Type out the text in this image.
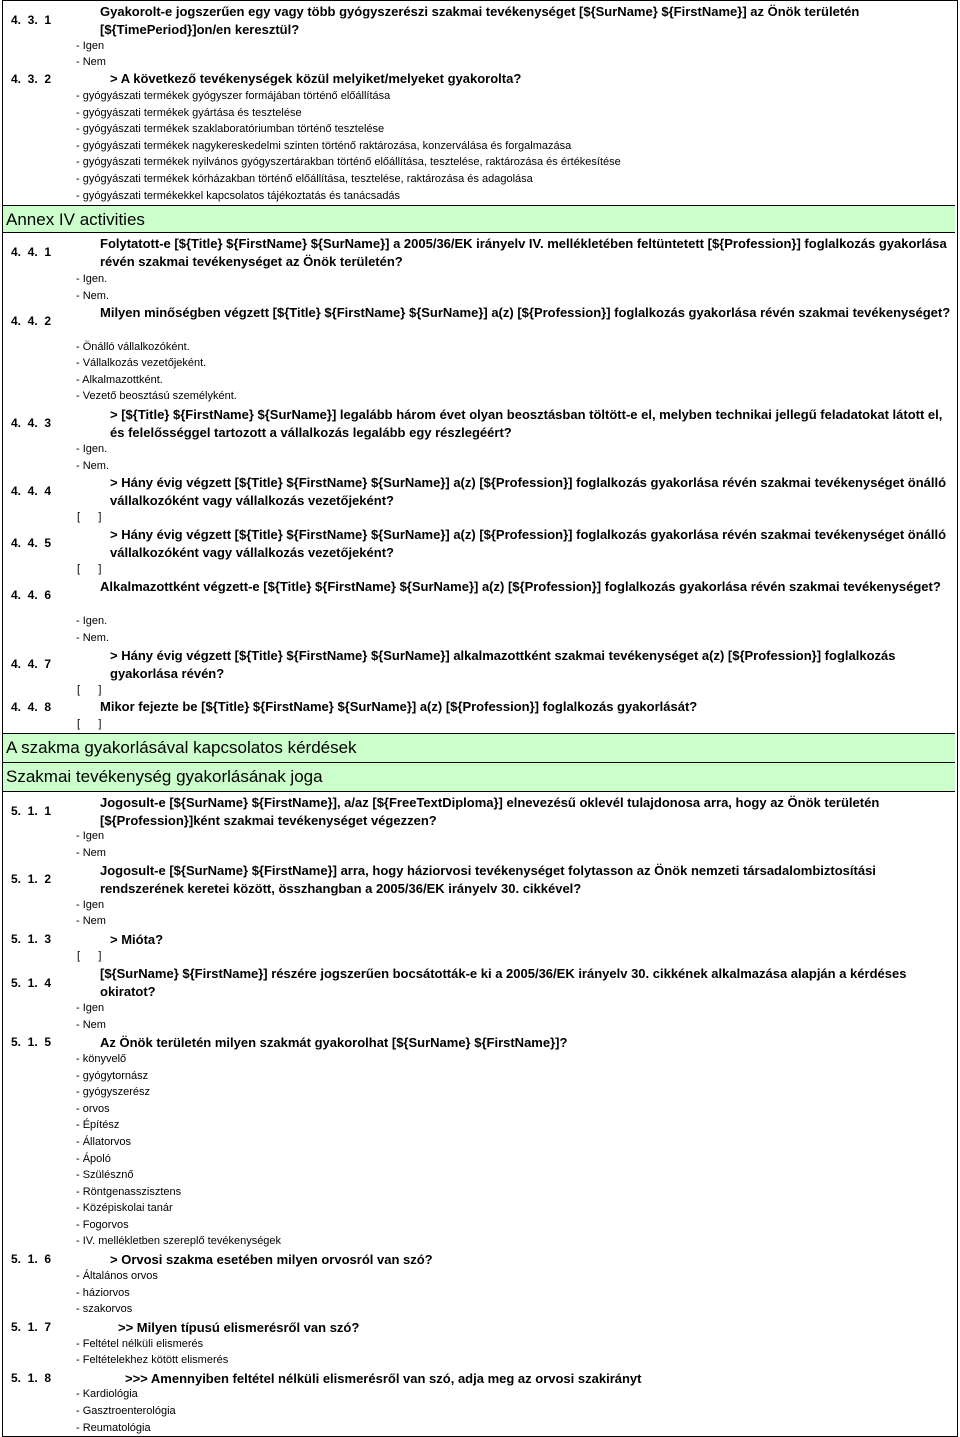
4.  3.  1
Gyakorolt-e jogszerűen egy vagy több gyógyszerészi szakmai tevékenységet [${SurName} ${FirstName}] az Önök területén [${TimePeriod}]on/en keresztül?
- Igen
- Nem
4.  3.  2	> A következő tevékenységek közül melyiket/melyeket gyakorolta?
- gyógyászati termékek gyógyszer formájában történő előállítása
- gyógyászati termékek gyártása és tesztelése
- gyógyászati termékek szaklaboratóriumban történő tesztelése
- gyógyászati termékek nagykereskedelmi szinten történő raktározása, konzerválása és forgalmazása
- gyógyászati termékek nyilvános gyógyszertárakban történő előállítása, tesztelése, raktározása és értékesítése
- gyógyászati termékek kórházakban történő előállítása, tesztelése, raktározása és adagolása
- gyógyászati termékekkel kapcsolatos tájékoztatás és tanácsadás
Annex IV activities
4.  4.  1
Folytatott-e [${Title} ${FirstName} ${SurName}] a 2005/36/EK irányelv IV. mellékletében feltüntetett [${Profession}] foglalkozás gyakorlása révén szakmai tevékenységet az Önök területén?
- Igen.
- Nem.
4.  4.  2
Milyen minőségben végzett [${Title} ${FirstName} ${SurName}] a(z) [${Profession}] foglalkozás gyakorlása révén szakmai tevékenységet?
- Önálló vállalkozóként.
- Vállalkozás vezetőjeként.
- Alkalmazottként.
- Vezető beosztású személyként.
4.  4.  3
> [${Title} ${FirstName} ${SurName}] legalább három évet olyan beosztásban töltött-e el, melyben technikai jellegű feladatokat látott el, és felelősséggel tartozott a vállalkozás legalább egy részlegéért?
- Igen.
- Nem.
4.  4.  4
> Hány évig végzett [${Title} ${FirstName} ${SurName}] a(z) [${Profession}] foglalkozás gyakorlása révén szakmai tevékenységet önálló vállalkozóként vagy vállalkozás vezetőjeként?
[      ]
4.  4.  5
> Hány évig végzett [${Title} ${FirstName} ${SurName}] a(z) [${Profession}] foglalkozás gyakorlása révén szakmai tevékenységet önálló vállalkozóként vagy vállalkozás vezetőjeként?
[      ]
4.  4.  6
Alkalmazottként végzett-e [${Title} ${FirstName} ${SurName}] a(z) [${Profession}] foglalkozás gyakorlása révén szakmai tevékenységet?
- Igen.
- Nem.
4.  4.  7
> Hány évig végzett [${Title} ${FirstName} ${SurName}] alkalmazottként szakmai tevékenységet a(z) [${Profession}] foglalkozás gyakorlása révén?
[      ]
4.  4.  8	Mikor fejezte be [${Title} ${FirstName} ${SurName}] a(z) [${Profession}] foglalkozás gyakorlását?
[      ]
A szakma gyakorlásával kapcsolatos kérdések
Szakmai tevékenység gyakorlásának joga
5.  1.  1
Jogosult-e [${SurName} ${FirstName}], a/az [${FreeTextDiploma}] elnevezésű oklevél tulajdonosa arra, hogy az Önök területén [${Profession}]ként szakmai tevékenységet végezzen?
- Igen
- Nem
5.  1.  2
Jogosult-e [${SurName} ${FirstName}] arra, hogy háziorvosi tevékenységet folytasson az Önök nemzeti társadalombiztosítási rendszerének keretei között, összhangban a 2005/36/EK irányelv 30. cikkével?
- Igen
- Nem
5.  1.  3	> Mióta?
[      ]
5.  1.  4
[${SurName} ${FirstName}] részére jogszerűen bocsátották-e ki a 2005/36/EK irányelv 30. cikkének alkalmazása alapján a kérdéses okiratot?
- Igen
- Nem
5.  1.  5	Az Önök területén milyen szakmát gyakorolhat [${SurName} ${FirstName}]?
- könyvelő
- gyógytornász
- gyógyszerész
- orvos
- Építész
- Állatorvos
- Ápoló
- Szülésznő
- Röntgenasszisztens
- Középiskolai tanár
- Fogorvos
- IV. mellékletben szereplő tevékenységek
5.  1.  6	> Orvosi szakma esetében milyen orvosról van szó?
- Általános orvos
- háziorvos
- szakorvos
5.  1.  7	>> Milyen típusú elismerésről van szó?
- Feltétel nélküli elismerés
- Feltételekhez kötött elismerés
5.  1.  8	>>> Amennyiben feltétel nélküli elismerésről van szó, adja meg az orvosi szakirányt
- Kardiológia
- Gasztroenterológia
- Reumatológia
